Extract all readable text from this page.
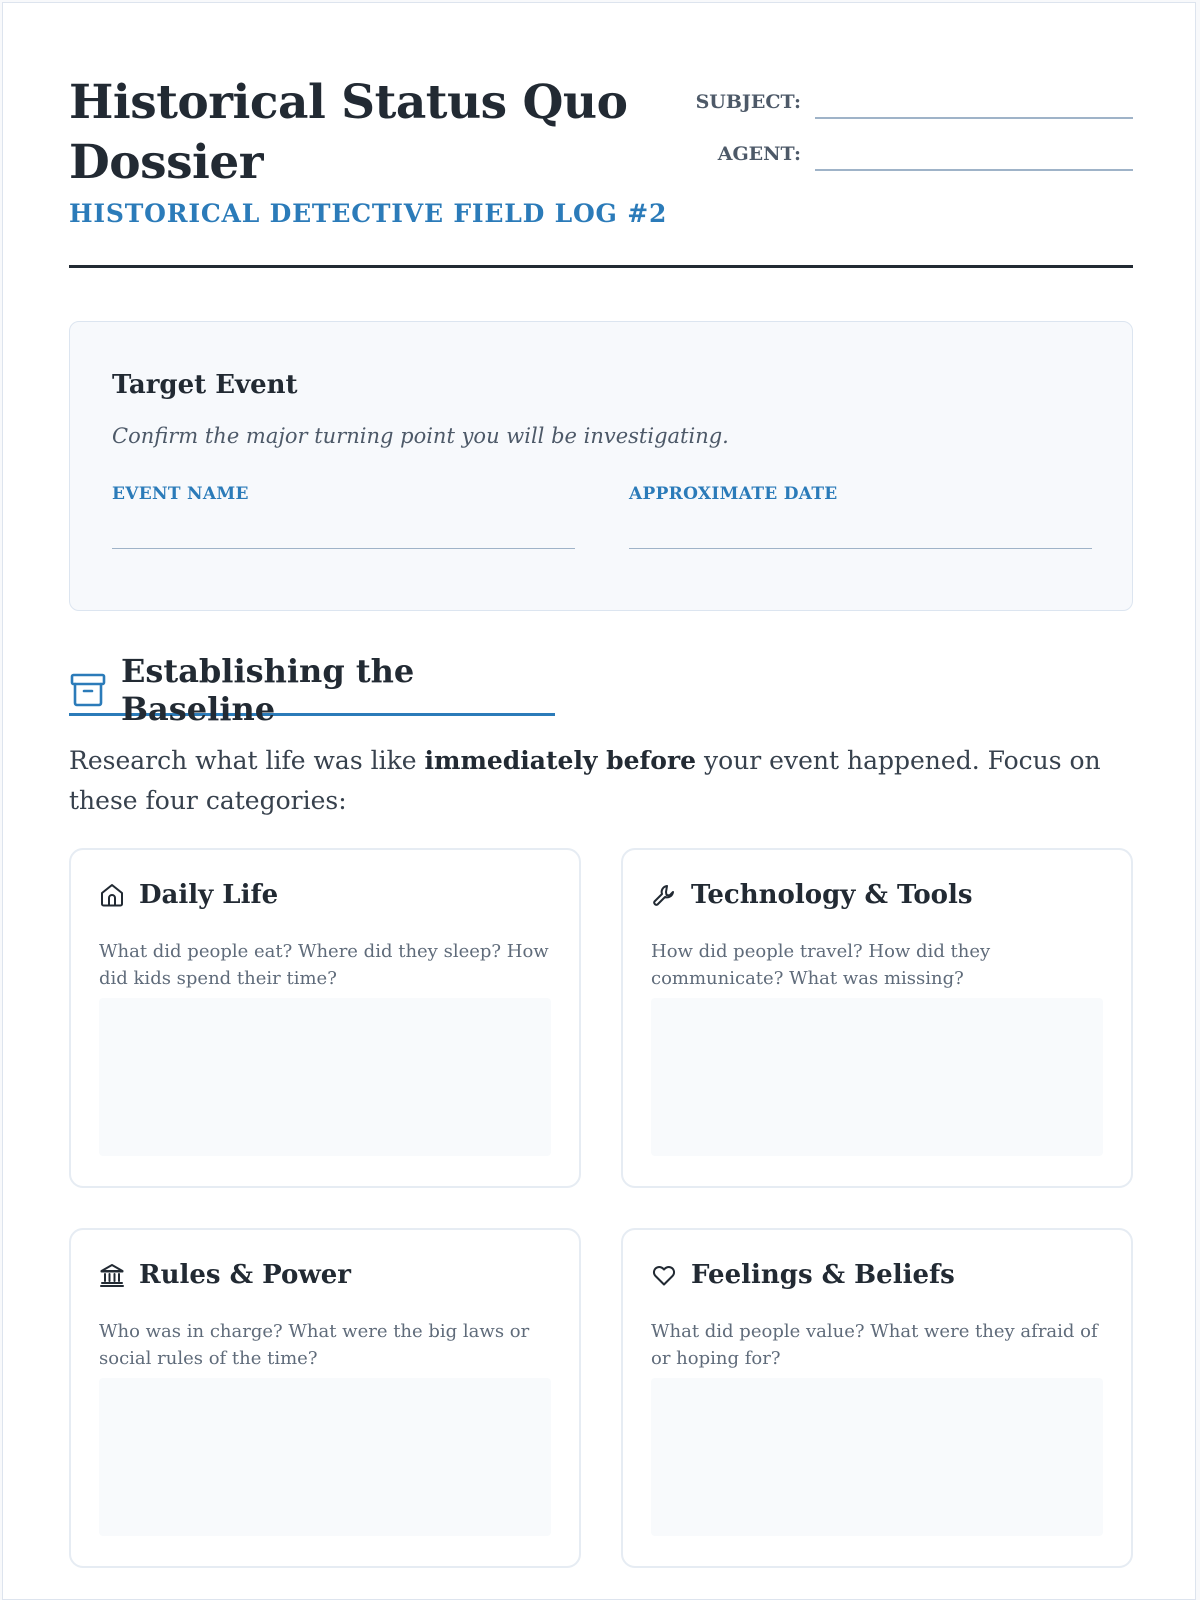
Historical Status Quo Dossier
HISTORICAL DETECTIVE FIELD LOG #2
SUBJECT:
AGENT:
Target Event
Confirm the major turning point you will be investigating.
EVENT NAME	APPROXIMATE DATE
Establishing the Baseline
Research what life was like immediately before your event happened. Focus on these four categories:
Daily Life
What did people eat? Where did they sleep? How did kids spend their time?
Technology & Tools
How did people travel? How did they communicate? What was missing?
Rules & Power
Who was in charge? What were the big laws or social rules of the time?
Feelings & Beliefs
What did people value? What were they afraid of or hoping for?
